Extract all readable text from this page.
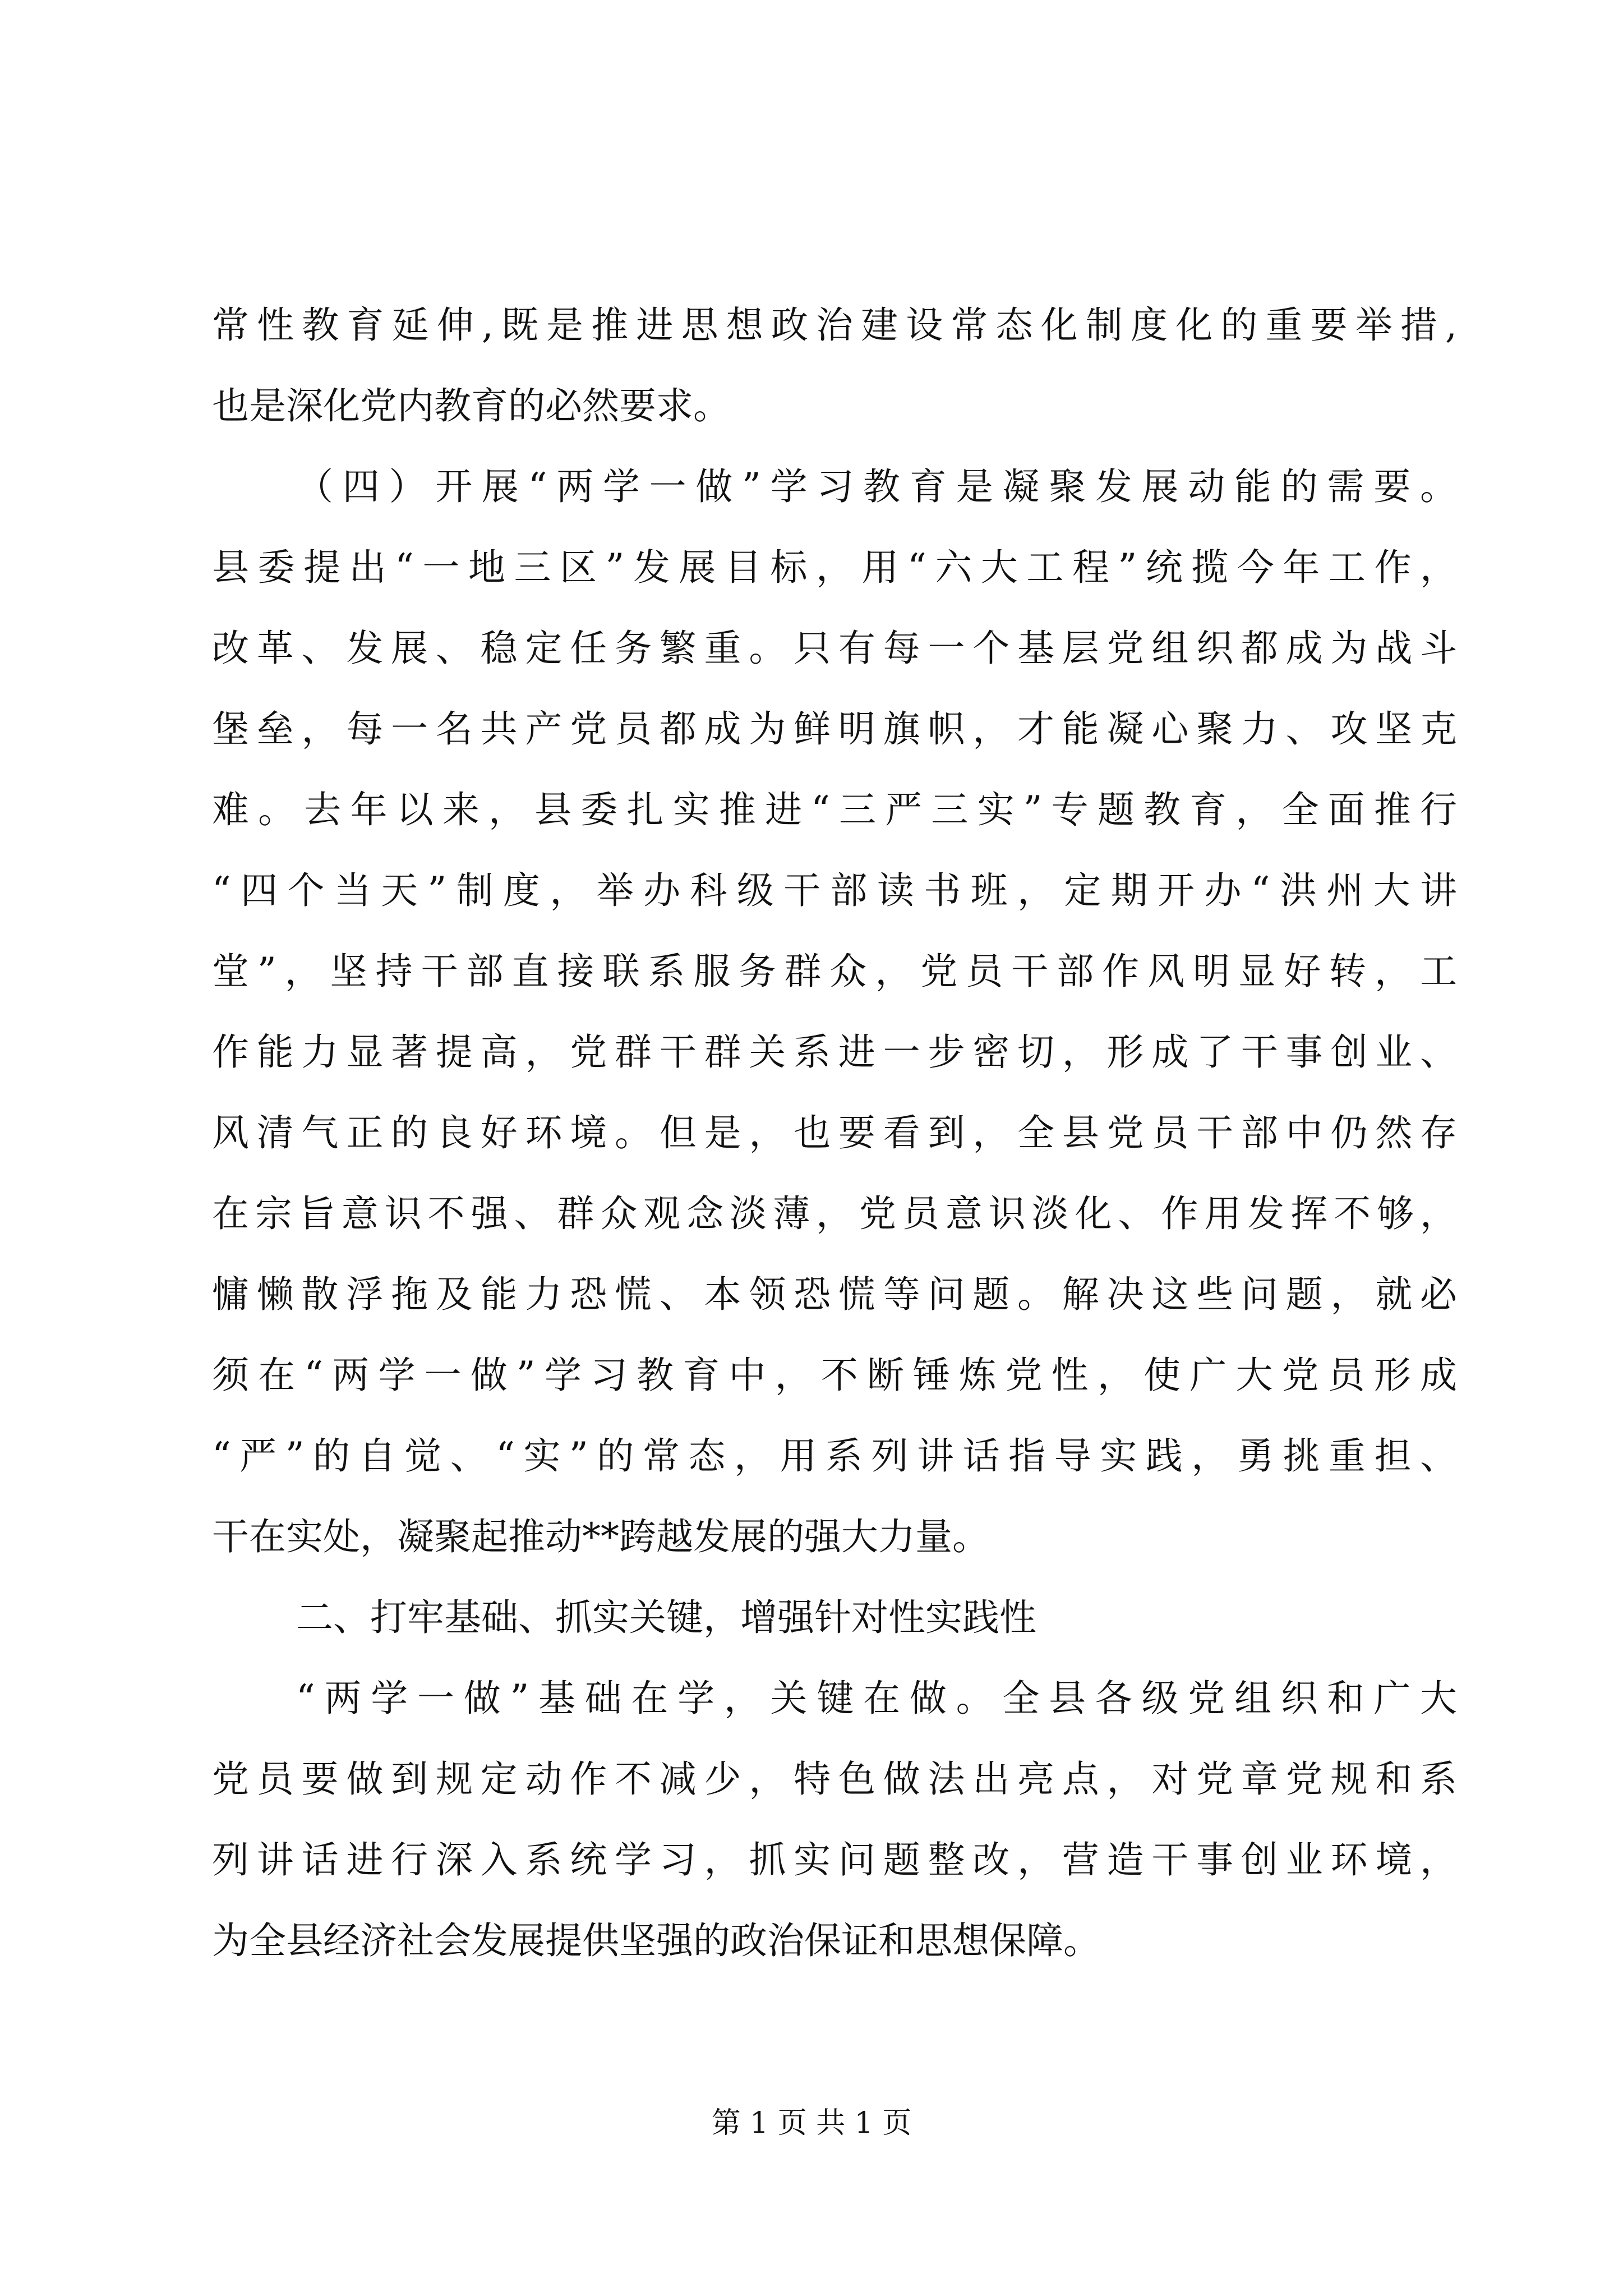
常性教育延伸,既是推进思想政治建设常态化制度化的重要举措,
也是深化党内教育的必然要求。
（四）开展“两学一做”学习教育是凝聚发展动能的需要。
县委提出“一地三区”发展目标，用“六大工程”统揽今年工作，
改革、发展、稳定任务繁重。只有每一个基层党组织都成为战斗
堡垒，每一名共产党员都成为鲜明旗帜，才能凝心聚力、攻坚克
难。去年以来，县委扎实推进“三严三实”专题教育，全面推行
“四个当天”制度，举办科级干部读书班，定期开办“洪州大讲
堂”，坚持干部直接联系服务群众，党员干部作风明显好转，工
作能力显著提高，党群干群关系进一步密切，形成了干事创业、
风清气正的良好环境。但是，也要看到，全县党员干部中仍然存
在宗旨意识不强、群众观念淡薄，党员意识淡化、作用发挥不够，
慵懒散浮拖及能力恐慌、本领恐慌等问题。解决这些问题，就必
须在“两学一做”学习教育中，不断锤炼党性，使广大党员形成
“严”的自觉、“实”的常态，用系列讲话指导实践，勇挑重担、
干在实处，凝聚起推动**跨越发展的强大力量。
二、打牢基础、抓实关键，增强针对性实践性
“两学一做”基础在学，关键在做。全县各级党组织和广大
党员要做到规定动作不减少，特色做法出亮点，对党章党规和系
列讲话进行深入系统学习，抓实问题整改，营造干事创业环境，
为全县经济社会发展提供坚强的政治保证和思想保障。
第 1 页 共 1 页
